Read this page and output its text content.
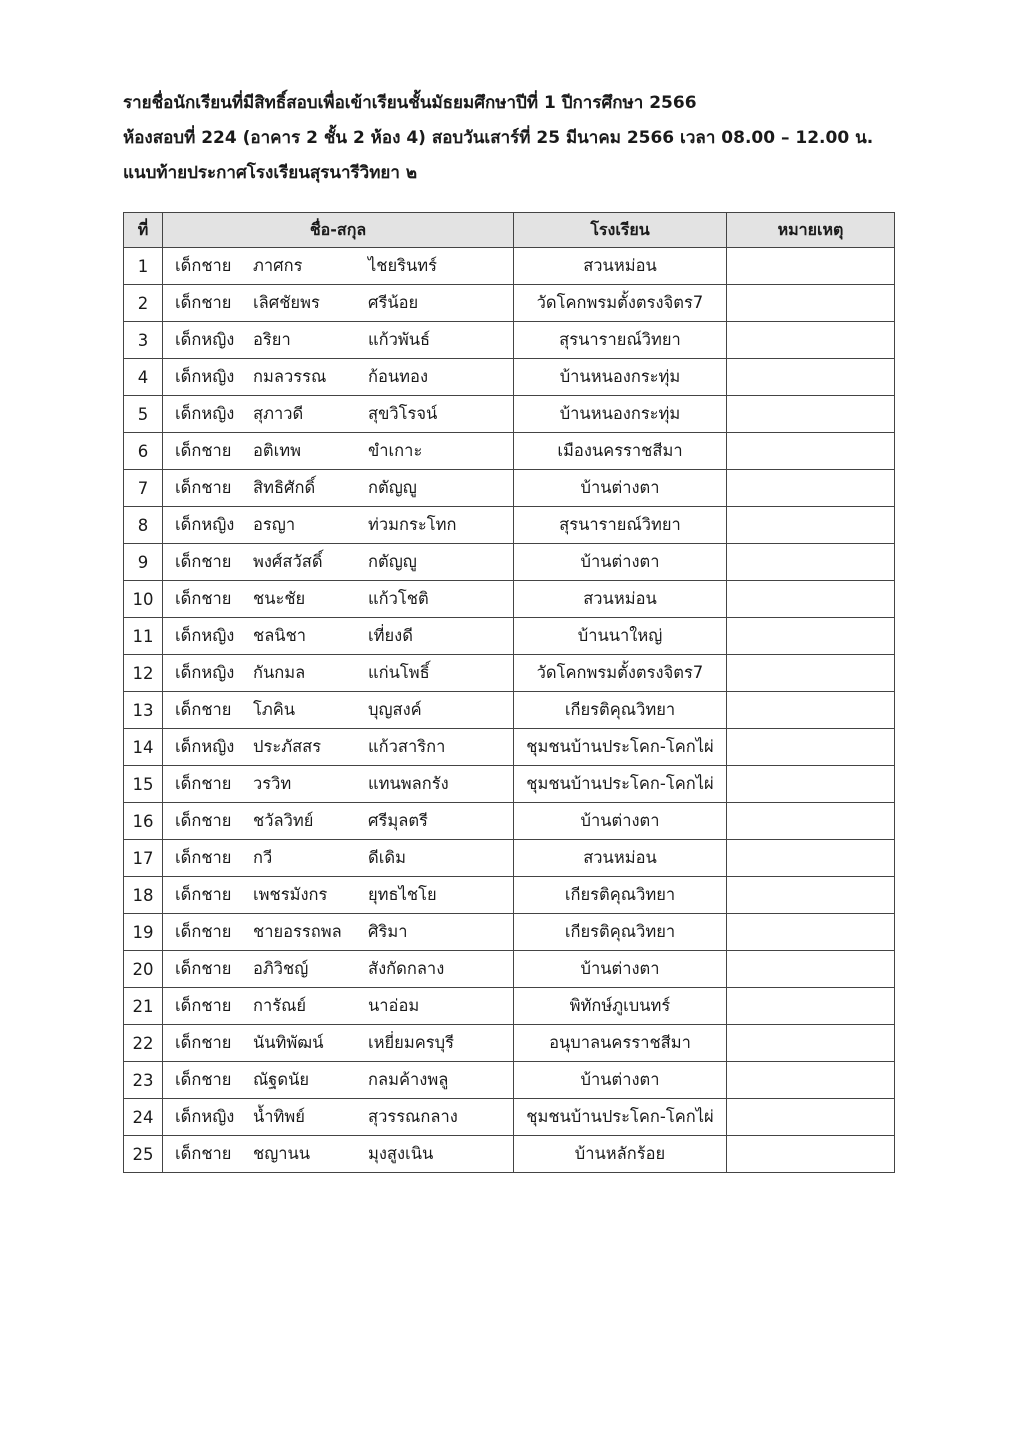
รายชื่อนักเรียนที่มีสิทธิ์สอบเพื่อเข้าเรียนชั้นมัธยมศึกษาปีที่ 1 ปีการศึกษา 2566
ห้องสอบที่ 224 (อาคาร 2 ชั้น 2 ห้อง 4) สอบวันเสาร์ที่ 25 มีนาคม 2566 เวลา 08.00 – 12.00 น.
แนบท้ายประกาศโรงเรียนสุรนารีวิทยา ๒
ที่	ชื่อ-สกุล	โรงเรียน	หมายเหตุ
1	เด็กชาย ภาศกร ไชยรินทร์	สวนหม่อน	
2	เด็กชาย เลิศชัยพร ศรีน้อย	วัดโคกพรมตั้งตรงจิตร7	
3	เด็กหญิง อริยา แก้วพันธ์	สุรนารายณ์วิทยา	
4	เด็กหญิง กมลวรรณ ก้อนทอง	บ้านหนองกระทุ่ม	
5	เด็กหญิง สุภาวดี สุขวิโรจน์	บ้านหนองกระทุ่ม	
6	เด็กชาย อติเทพ ขำเกาะ	เมืองนครราชสีมา	
7	เด็กชาย สิทธิศักดิ์ กตัญญู	บ้านต่างตา	
8	เด็กหญิง อรญา ท่วมกระโทก	สุรนารายณ์วิทยา	
9	เด็กชาย พงศ์สวัสดิ์ กตัญญู	บ้านต่างตา	
10	เด็กชาย ชนะชัย แก้วโชติ	สวนหม่อน	
11	เด็กหญิง ชลนิชา เที่ยงดี	บ้านนาใหญ่	
12	เด็กหญิง กันกมล แก่นโพธิ์	วัดโคกพรมตั้งตรงจิตร7	
13	เด็กชาย โภคิน บุญสงค์	เกียรติคุณวิทยา	
14	เด็กหญิง ประภัสสร แก้วสาริกา	ชุมชนบ้านประโคก-โคกไผ่	
15	เด็กชาย วรวิท แทนพลกรัง	ชุมชนบ้านประโคก-โคกไผ่	
16	เด็กชาย ชวัลวิทย์ ศรีมุลตรี	บ้านต่างตา	
17	เด็กชาย กวี ดีเดิม	สวนหม่อน	
18	เด็กชาย เพชรมังกร ยุทธไชโย	เกียรติคุณวิทยา	
19	เด็กชาย ชายอรรถพล ศิริมา	เกียรติคุณวิทยา	
20	เด็กชาย อภิวิชญ์ สังกัดกลาง	บ้านต่างตา	
21	เด็กชาย การัณย์ นาอ่อม	พิทักษ์ภูเบนทร์	
22	เด็กชาย นันทิพัฒน์ เหยี่ยมครบุรี	อนุบาลนครราชสีมา	
23	เด็กชาย ณัฐดนัย กลมค้างพลู	บ้านต่างตา	
24	เด็กหญิง น้ำทิพย์ สุวรรณกลาง	ชุมชนบ้านประโคก-โคกไผ่	
25	เด็กชาย ชญานน มุงสูงเนิน	บ้านหลักร้อย	
